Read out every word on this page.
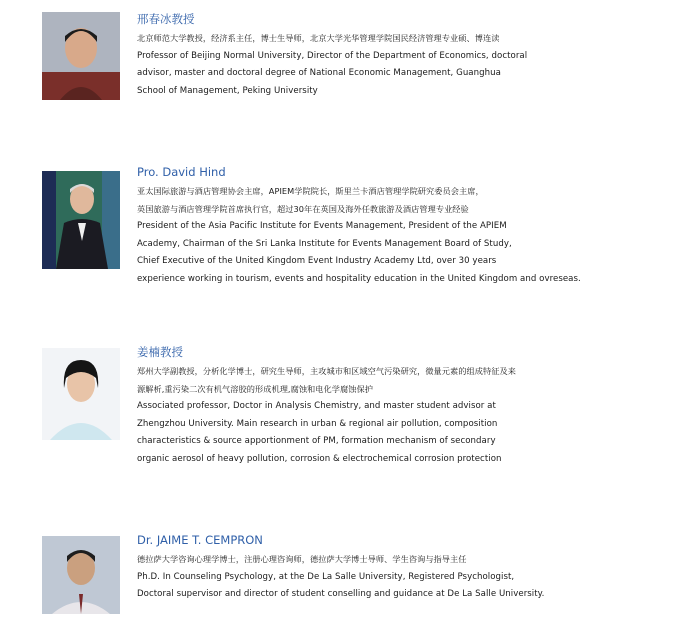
邢春冰教授
北京师范大学教授，经济系主任，博士生导师，北京大学光华管理学院国民经济管理专业硕、博连读
Professor of Beijing Normal University, Director of the Department of Economics, doctoral
advisor, master and doctoral degree of National Economic Management, Guanghua
School of Management, Peking University
Pro. David Hind
亚太国际旅游与酒店管理协会主席，APIEM学院院长，斯里兰卡酒店管理学院研究委员会主席，
英国旅游与酒店管理学院首席执行官，超过30年在英国及海外任教旅游及酒店管理专业经验
President of the Asia Pacific Institute for Events Management, President of the APIEM
Academy, Chairman of the Sri Lanka Institute for Events Management Board of Study,
Chief Executive of the United Kingdom Event Industry Academy Ltd, over 30 years
experience working in tourism, events and hospitality education in the United Kingdom and ovreseas.
姜楠教授
郑州大学副教授，分析化学博士，研究生导师，主攻城市和区域空气污染研究，微量元素的组成特征及来
源解析,重污染二次有机气溶胶的形成机理,腐蚀和电化学腐蚀保护
Associated professor, Doctor in Analysis Chemistry, and master student advisor at
Zhengzhou University. Main research in urban & regional air pollution, composition
characteristics & source apportionment of PM, formation mechanism of secondary
organic aerosol of heavy pollution, corrosion & electrochemical corrosion protection
Dr. JAIME T. CEMPRON
德拉萨大学咨询心理学博士，注册心理咨询师，德拉萨大学博士导师、学生咨询与指导主任
Ph.D. In Counseling Psychology, at the De La Salle University, Registered Psychologist,
Doctoral supervisor and director of student conselling and guidance at De La Salle University.
